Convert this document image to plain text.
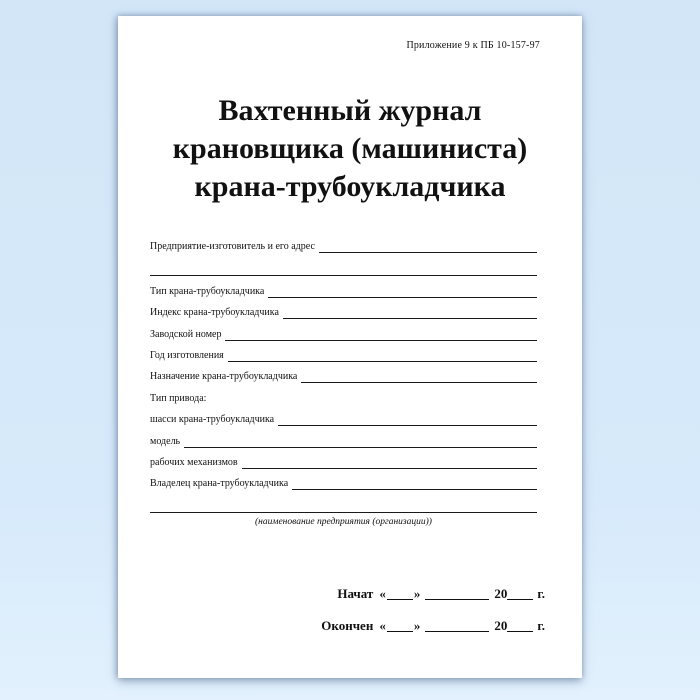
Приложение 9 к ПБ 10-157-97
Вахтенный журнал
крановщика (машиниста)
крана-трубоукладчика
Предприятие-изготовитель и его адрес
Тип крана-трубоукладчика
Индекс крана-трубоукладчика
Заводской номер
Год изготовления
Назначение крана-трубоукладчика
Тип привода:
шасси крана-трубоукладчика
модель
рабочих механизмов
Владелец крана-трубоукладчика
(наименование предприятия (организации))
Начат « »	20 г.
Окончен « »	20 г.
